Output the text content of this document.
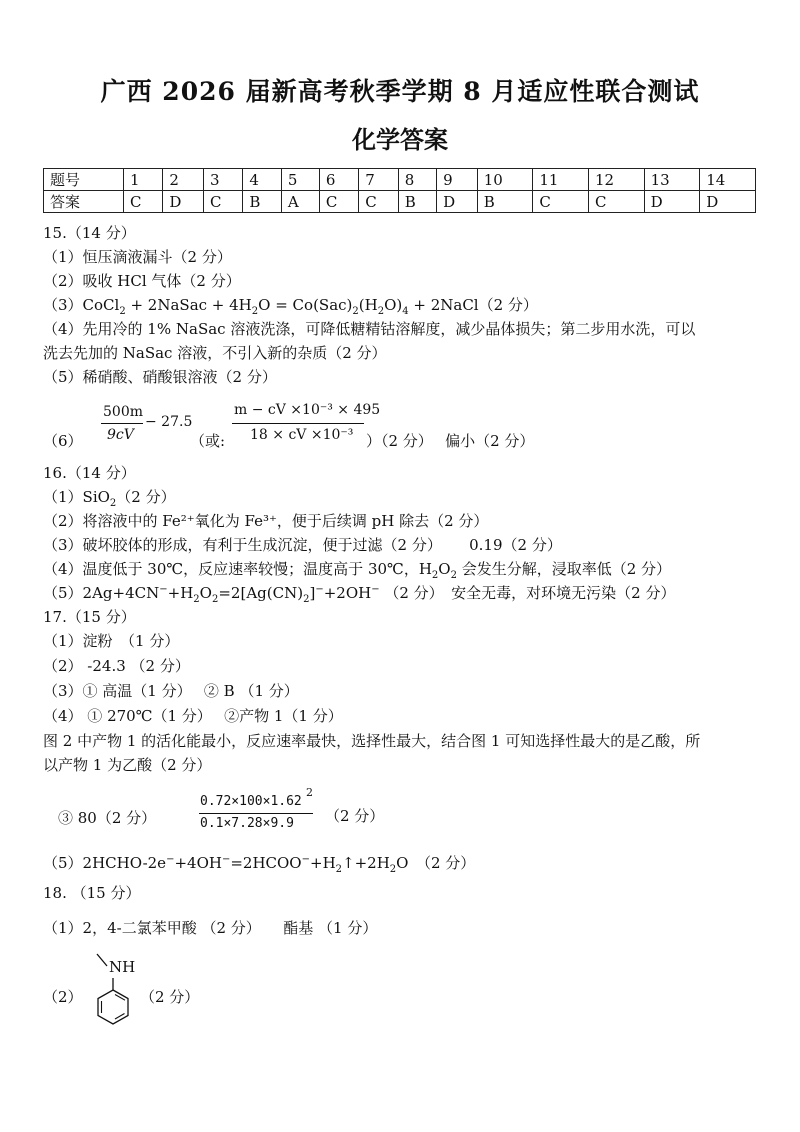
广西 2026 届新高考秋季学期 8 月适应性联合测试
化学答案
题号	1	2	3	4	5	6	7	8	9	10	11	12	13	14
答案	C	D	C	B	A	C	C	B	D	B	C	C	D	D
15.（14 分）
（1）恒压滴液漏斗（2 分）
（2）吸收 HCl 气体（2 分）
（3）CoCl$_2$ + 2NaSac + $4H_2O = Co(Sac)_2(H_2O)_4$ + 2NaCl（2 分）
（4）先用冷的 1% NaSac 溶液洗涤，可降低糖精钴溶解度，减少晶体损失；第二步用水洗，可以
洗去先加的 NaSac 溶液，不引入新的杂质（2 分）
（5）稀硝酸、硝酸银溶液（2 分）
（6）
500m
9cV
− 27.5
（或:
m − cV ×10⁻³ × 495
18 × cV ×10⁻³ ）（2 分）　 偏小（2 分）
16.（14 分）
（1）SiO$_2$（2 分）
（2）将溶液中的 Fe²⁺氧化为 Fe³⁺，便于后续调 pH 除去（2 分）
（3）破坏胶体的形成，有利于生成沉淀，便于过滤（2 分）　　 0.19（2 分）
（4）温度低于 30℃，反应速率较慢；温度高于 30℃，$H_2O_2$ 会发生分解，浸取率低（2 分）
$(5)2Ag+4CN^-+H_2O_2=2[Ag(CN)_2]^-+2OH^-$ （2 分）　安全无毒，对环境无污染（2 分）
17.（15 分）
（1）淀粉　（1 分）
（2） -24.3 （2 分）
（3）① 高温（1 分）　 ② B （1 分）
（4） ① 270℃（1 分）　 ②产物 1（1 分）
图 2 中产物 1 的活化能最小，反应速率最快，选择性最大，结合图 1 可知选择性最大的是乙酸，所
以产物 1 为乙酸（2 分）
③ 80（2 分）
0.72×100×1.62
2
0.1×7.28×9.9 （2 分）
$(5)2HCHO-2e^-+4OH^-=2HCOO^-+H_2↑+2H_2O$　（2 分）
18. （15 分）
（1）2，4-二氯苯甲酸 （2 分）　　酯基 （1 分）
（2）
NH
（2 分）
